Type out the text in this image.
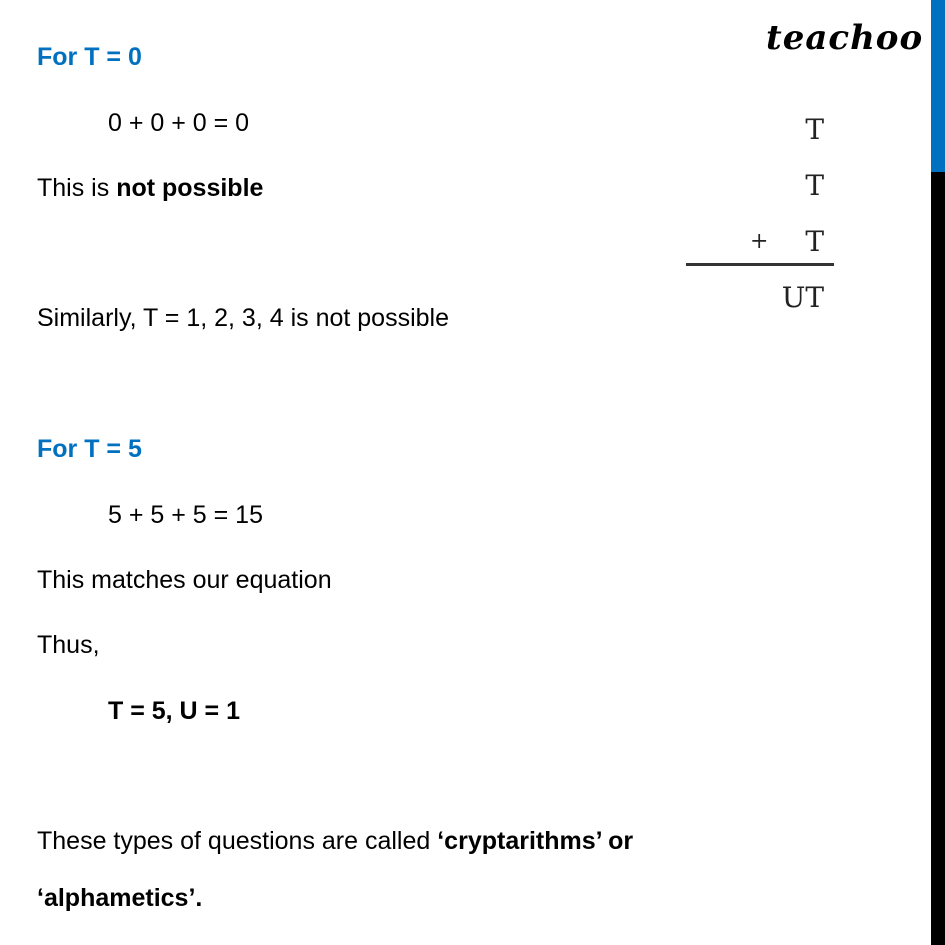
teachoo
T
T
+ T
UT
For T = 0
0 + 0 + 0 = 0
This is not possible
Similarly, T = 1, 2, 3, 4 is not possible
For T = 5
5 + 5 + 5 = 15
This matches our equation
Thus,
T = 5, U = 1
These types of questions are called ‘cryptarithms’ or
‘alphametics’.
